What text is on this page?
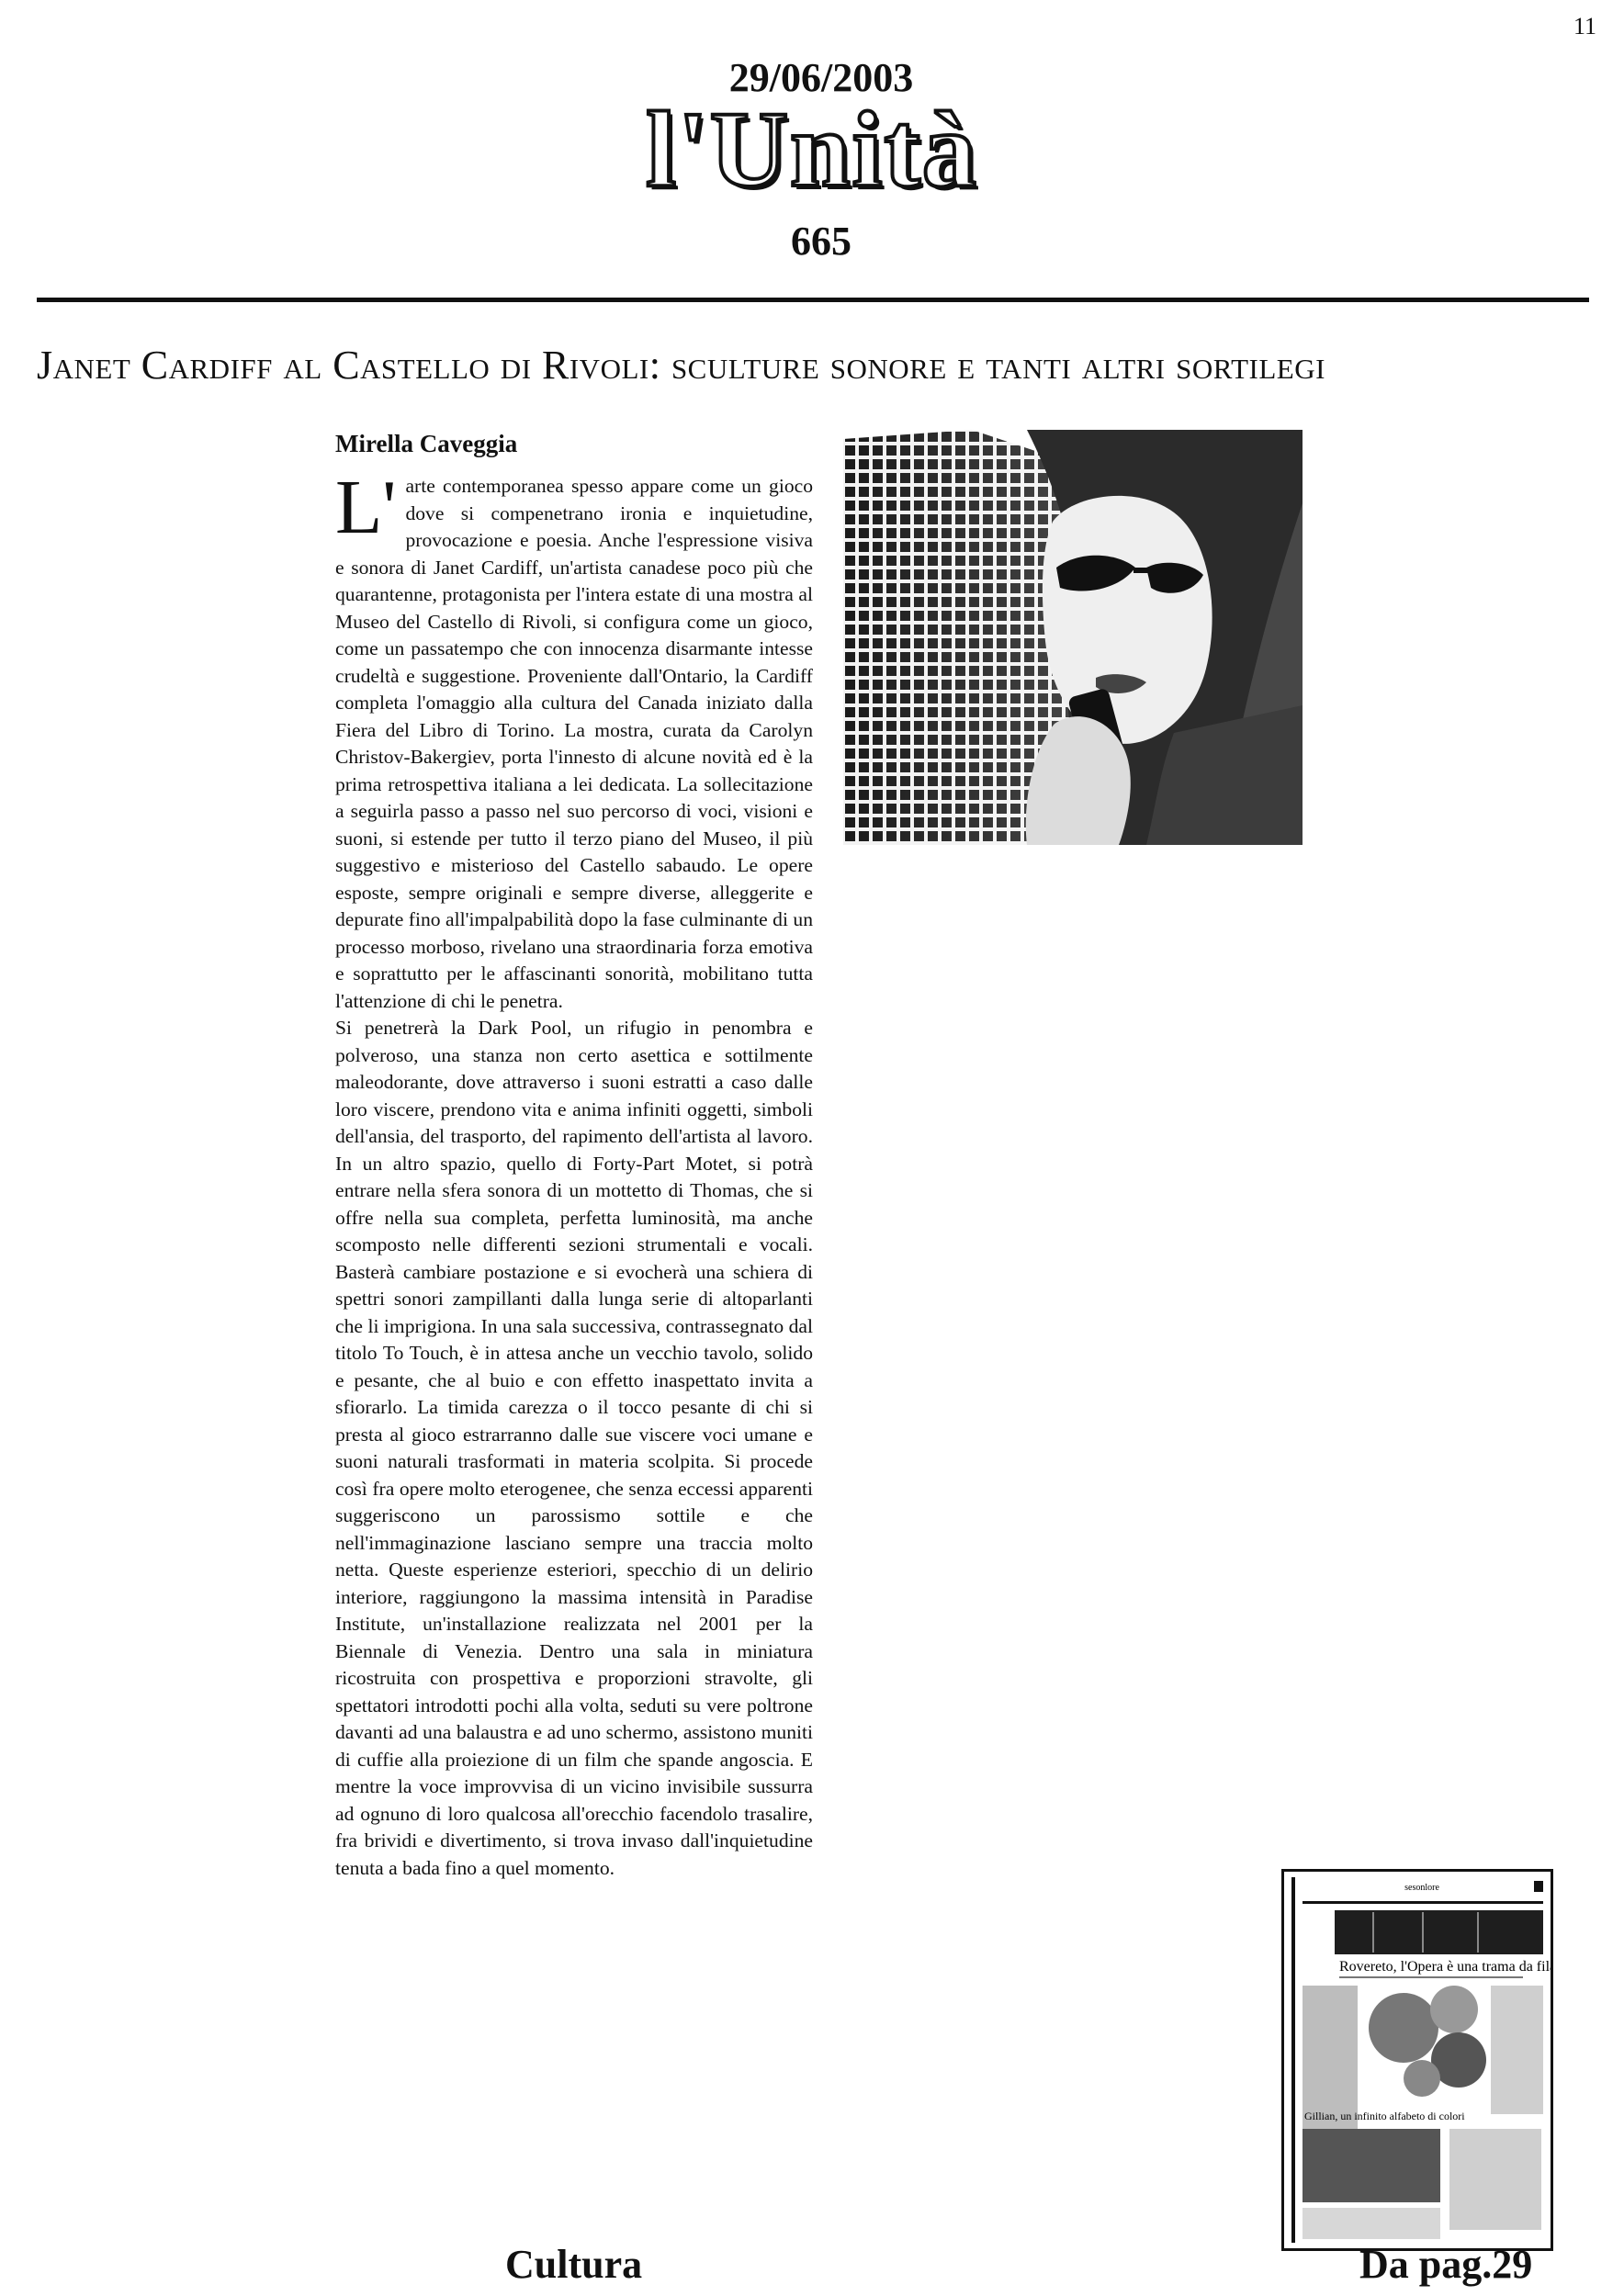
11
29/06/2003
l'Unità
665
Janet Cardiff al Castello di Rivoli: sculture sonore e tanti altri sortilegi
Mirella Caveggia

L' arte contemporanea spesso appare come un gioco dove si compenetrano ironia e inquietudine, provocazione e poesia. Anche l'espressione visiva e sonora di Janet Cardiff, un'artista canadese poco più che quarantenne, protagonista per l'intera estate di una mostra al Museo del Castello di Rivoli, si configura come un gioco, come un passatempo che con innocenza disarmante intesse crudeltà e suggestione. Proveniente dall'Ontario, la Cardiff completa l'omaggio alla cultura del Canada iniziato dalla Fiera del Libro di Torino. La mostra, curata da Carolyn Christov-Bakergiev, porta l'innesto di alcune novità ed è la prima retrospettiva italiana a lei dedicata. La sollecitazione a seguirla passo a passo nel suo percorso di voci, visioni e suoni, si estende per tutto il terzo piano del Museo, il più suggestivo e misterioso del Castello sabaudo. Le opere esposte, sempre originali e sempre diverse, alleggerite e depurate fino all'impalpabilità dopo la fase culminante di un processo morboso, rivelano una straordinaria forza emotiva e soprattutto per le affascinanti sonorità, mobilitano tutta l'attenzione di chi le penetra.

Si penetrerà la Dark Pool, un rifugio in penombra e polveroso, una stanza non certo asettica e sottilmente maleodorante, dove attraverso i suoni estratti a caso dalle loro viscere, prendono vita e anima infiniti oggetti, simboli dell'ansia, del trasporto, del rapimento dell'artista al lavoro. In un altro spazio, quello di Forty-Part Motet, si potrà entrare nella sfera sonora di un mottetto di Thomas, che si offre nella sua completa, perfetta luminosità, ma anche scomposto nelle differenti sezioni strumentali e vocali. Basterà cambiare postazione e si evocherà una schiera di spettri sonori zampillanti dalla lunga serie di altoparlanti che li imprigiona. In una sala successiva, contrassegnato dal titolo To Touch, è in attesa anche un vecchio tavolo, solido e pesante, che al buio e con effetto inaspettato invita a sfiorarlo. La timida carezza o il tocco pesante di chi si presta al gioco estrarranno dalle sue viscere voci umane e suoni naturali trasformati in materia scolpita. Si procede così fra opere molto eterogenee, che senza eccessi apparenti suggeriscono un parossismo sottile e che nell'immaginazione lasciano sempre una traccia molto netta. Queste esperienze esteriori, specchio di un delirio interiore, raggiungono la massima intensità in Paradise Institute, un'installazione realizzata nel 2001 per la Biennale di Venezia. Dentro una sala in miniatura ricostruita con prospettiva e proporzioni stravolte, gli spettatori introdotti pochi alla volta, seduti su vere poltrone davanti ad una balaustra e ad uno schermo, assistono muniti di cuffie alla proiezione di un film che spande angoscia. E mentre la voce improvvisa di un vicino invisibile sussurra ad ognuno di loro qualcosa all'orecchio facendolo trasalire, fra brividi e divertimento, si trova invaso dall'inquietudine tenuta a bada fino a quel momento.

sesonlore
Rovereto, l'Opera è una trama da filare
Gillian, un infinito alfabeto di colori
Cultura	Da pag.29
